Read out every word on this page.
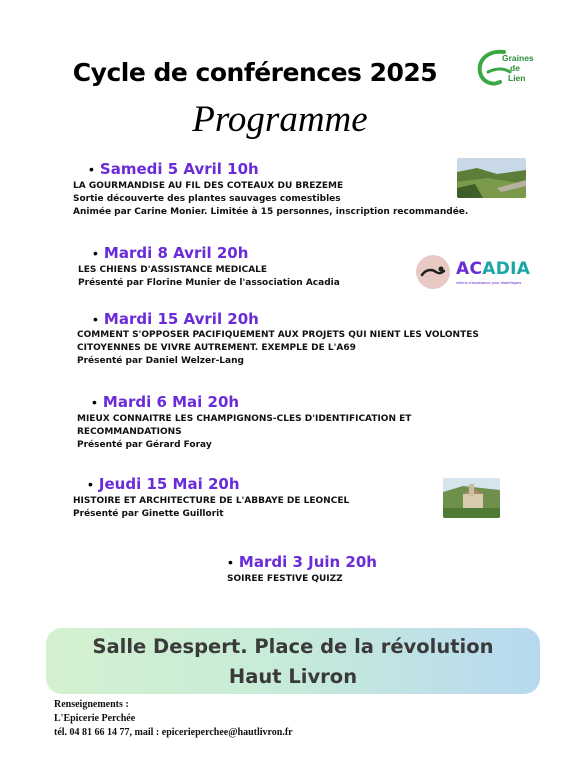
Cycle de conférences 2025
Programme
Graines
de
Lien
• Samedi 5 Avril 10h
LA GOURMANDISE AU FIL DES COTEAUX DU BREZEME
Sortie découverte des plantes sauvages comestibles
Animée par Carine Monier. Limitée à 15 personnes, inscription recommandée.
• Mardi 8 Avril 20h
LES CHIENS D'ASSISTANCE MEDICALE
Présenté par Florine Munier de l'association Acadia
ACADIA
chiens d'assistance pour diabétiques
• Mardi 15 Avril 20h
COMMENT S'OPPOSER PACIFIQUEMENT AUX PROJETS QUI NIENT LES VOLONTES
CITOYENNES DE VIVRE AUTREMENT. EXEMPLE DE L'A69
Présenté par Daniel Welzer-Lang
• Mardi 6 Mai 20h
MIEUX CONNAITRE LES CHAMPIGNONS-CLES D'IDENTIFICATION ET
RECOMMANDATIONS
Présenté par Gérard Foray
• Jeudi 15 Mai 20h
HISTOIRE ET ARCHITECTURE DE L'ABBAYE DE LEONCEL
Présenté par Ginette Guillorit
• Mardi 3 Juin 20h
SOIREE FESTIVE QUIZZ
Salle Despert. Place de la révolution
Haut Livron
Renseignements :
L'Epicerie Perchée
tél. 04 81 66 14 77, mail : epicerieperchee@hautlivron.fr
